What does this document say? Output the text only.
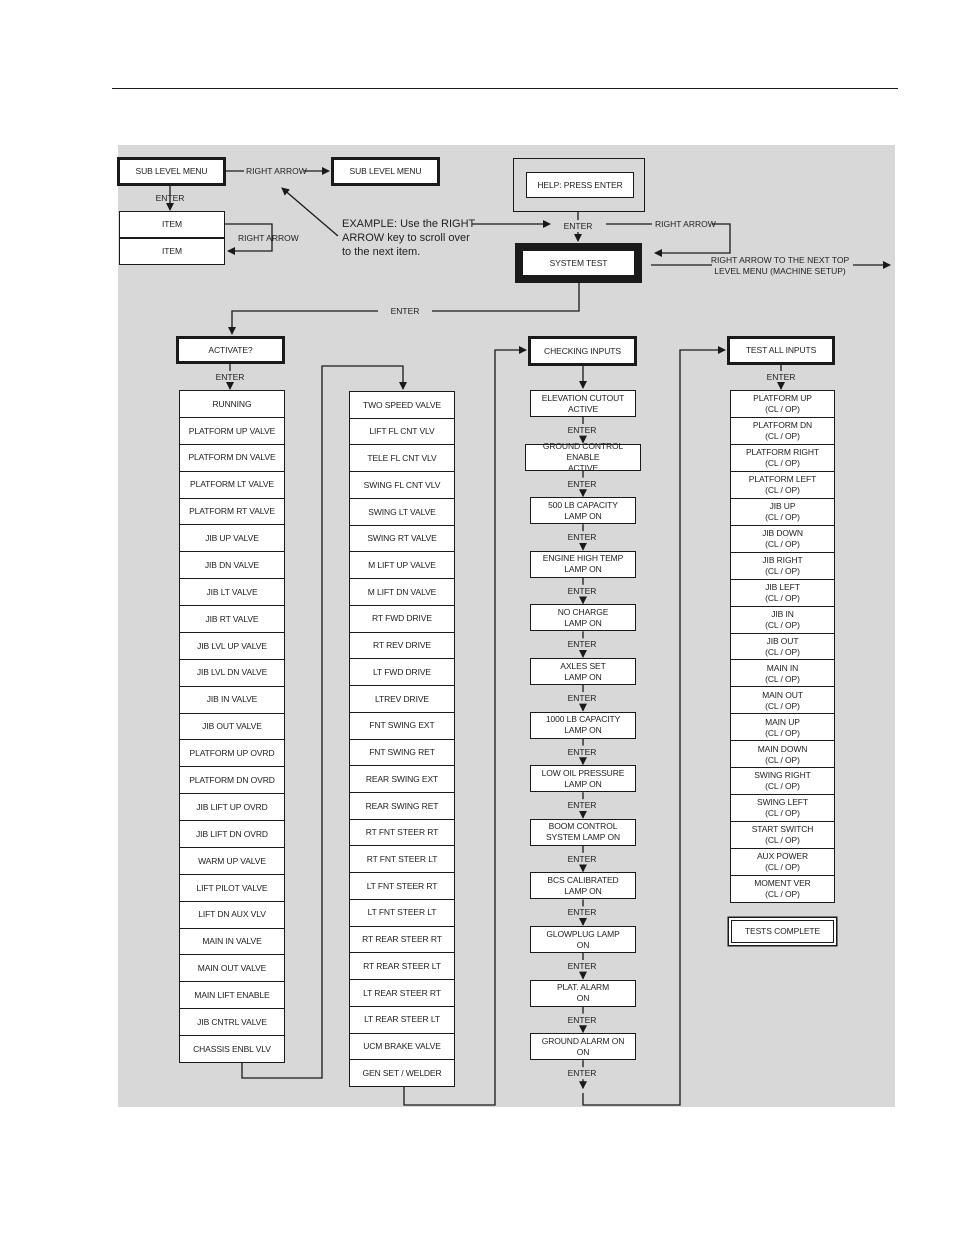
SUB LEVEL MENU	RIGHT ARROW	SUB LEVEL MENU
ENTER
ITEM
ITEM
RIGHT ARROW
EXAMPLE: Use the RIGHT
ARROW key to scroll over
to the next item.
HELP: PRESS ENTER
ENTER	RIGHT ARROW
SYSTEM TEST	RIGHT ARROW TO THE NEXT TOP
LEVEL MENU (MACHINE SETUP)
ENTER
ACTIVATE?
ENTER
RUNNING
PLATFORM UP VALVE
PLATFORM DN VALVE
PLATFORM LT VALVE
PLATFORM RT VALVE
JIB UP VALVE
JIB DN VALVE
JIB LT VALVE
JIB RT VALVE
JIB LVL UP VALVE
JIB LVL DN VALVE
JIB IN VALVE
JIB OUT VALVE
PLATFORM UP OVRD
PLATFORM DN OVRD
JIB LIFT UP OVRD
JIB LIFT DN OVRD
WARM UP VALVE
LIFT PILOT VALVE
LIFT DN AUX VLV
MAIN IN VALVE
MAIN OUT VALVE
MAIN LIFT ENABLE
JIB CNTRL VALVE
CHASSIS ENBL VLV
TWO SPEED VALVE
LIFT FL CNT VLV
TELE FL CNT VLV
SWING FL CNT VLV
SWING LT VALVE
SWING RT VALVE
M LIFT UP VALVE
M LIFT DN VALVE
RT FWD DRIVE
RT REV DRIVE
LT FWD DRIVE
LTREV DRIVE
FNT SWING EXT
FNT SWING RET
REAR SWING EXT
REAR SWING RET
RT FNT STEER RT
RT FNT STEER LT
LT FNT STEER RT
LT FNT STEER LT
RT REAR STEER RT
RT REAR STEER LT
LT REAR STEER RT
LT REAR STEER LT
UCM BRAKE VALVE
GEN SET / WELDER
CHECKING INPUTS
ELEVATION CUTOUT
ACTIVE
GROUND CONTROL ENABLE
ACTIVE
500 LB CAPACITY
LAMP ON
ENGINE HIGH TEMP
LAMP ON
NO CHARGE
LAMP ON
AXLES SET
LAMP ON
1000 LB CAPACITY
LAMP ON
LOW OIL PRESSURE
LAMP ON
BOOM CONTROL
SYSTEM LAMP ON
BCS CALIBRATED
LAMP ON
GLOWPLUG LAMP
ON
PLAT. ALARM
ON
GROUND ALARM ON
ON
TEST ALL INPUTS
ENTER
PLATFORM UP
(CL / OP)
PLATFORM DN
(CL / OP)
PLATFORM RIGHT
(CL / OP)
PLATFORM LEFT
(CL / OP)
JIB UP
(CL / OP)
JIB DOWN
(CL / OP)
JIB RIGHT
(CL / OP)
JIB LEFT
(CL / OP)
JIB IN
(CL / OP)
JIB OUT
(CL / OP)
MAIN IN
(CL / OP)
MAIN OUT
(CL / OP)
MAIN UP
(CL / OP)
MAIN DOWN
(CL / OP)
SWING RIGHT
(CL / OP)
SWING LEFT
(CL / OP)
START SWITCH
(CL / OP)
AUX POWER
(CL / OP)
MOMENT VER
(CL / OP)
TESTS COMPLETE
ENTER
ENTER
ENTER
ENTER
ENTER
ENTER
ENTER
ENTER
ENTER
ENTER
ENTER
ENTER
ENTER
